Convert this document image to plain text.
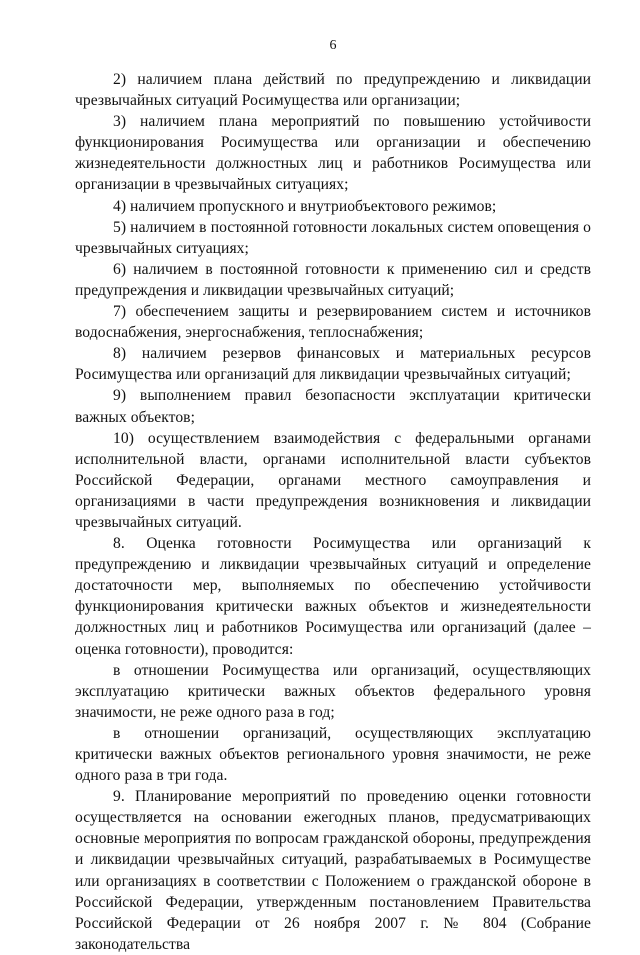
6

2) наличием плана действий по предупреждению и ликвидации чрезвычайных ситуаций Росимущества или организации;

3) наличием плана мероприятий по повышению устойчивости функционирования Росимущества или организации и обеспечению жизнедеятельности должностных лиц и работников Росимущества или организации в чрезвычайных ситуациях;

4) наличием пропускного и внутриобъектового режимов;

5) наличием в постоянной готовности локальных систем оповещения о чрезвычайных ситуациях;

6) наличием в постоянной готовности к применению сил и средств предупреждения и ликвидации чрезвычайных ситуаций;

7) обеспечением защиты и резервированием систем и источников водоснабжения, энергоснабжения, теплоснабжения;

8) наличием резервов финансовых и материальных ресурсов Росимущества или организаций для ликвидации чрезвычайных ситуаций;

9) выполнением правил безопасности эксплуатации критически важных объектов;

10) осуществлением взаимодействия с федеральными органами исполнительной власти, органами исполнительной власти субъектов Российской Федерации, органами местного самоуправления и организациями в части предупреждения возникновения и ликвидации чрезвычайных ситуаций.

8. Оценка готовности Росимущества или организаций к предупреждению и ликвидации чрезвычайных ситуаций и определение достаточности мер, выполняемых по обеспечению устойчивости функционирования критически важных объектов и жизнедеятельности должностных лиц и работников Росимущества или организаций (далее – оценка готовности), проводится:

в отношении Росимущества или организаций, осуществляющих эксплуатацию критически важных объектов федерального уровня значимости, не реже одного раза в год;

в отношении организаций, осуществляющих эксплуатацию критически важных объектов регионального уровня значимости, не реже одного раза в три года.

9. Планирование мероприятий по проведению оценки готовности осуществляется на основании ежегодных планов, предусматривающих основные мероприятия по вопросам гражданской обороны, предупреждения и ликвидации чрезвычайных ситуаций, разрабатываемых в Росимуществе или организациях в соответствии с Положением о гражданской обороне в Российской Федерации, утвержденным постановлением Правительства Российской Федерации от 26 ноября 2007 г. № 804 (Собрание законодательства
